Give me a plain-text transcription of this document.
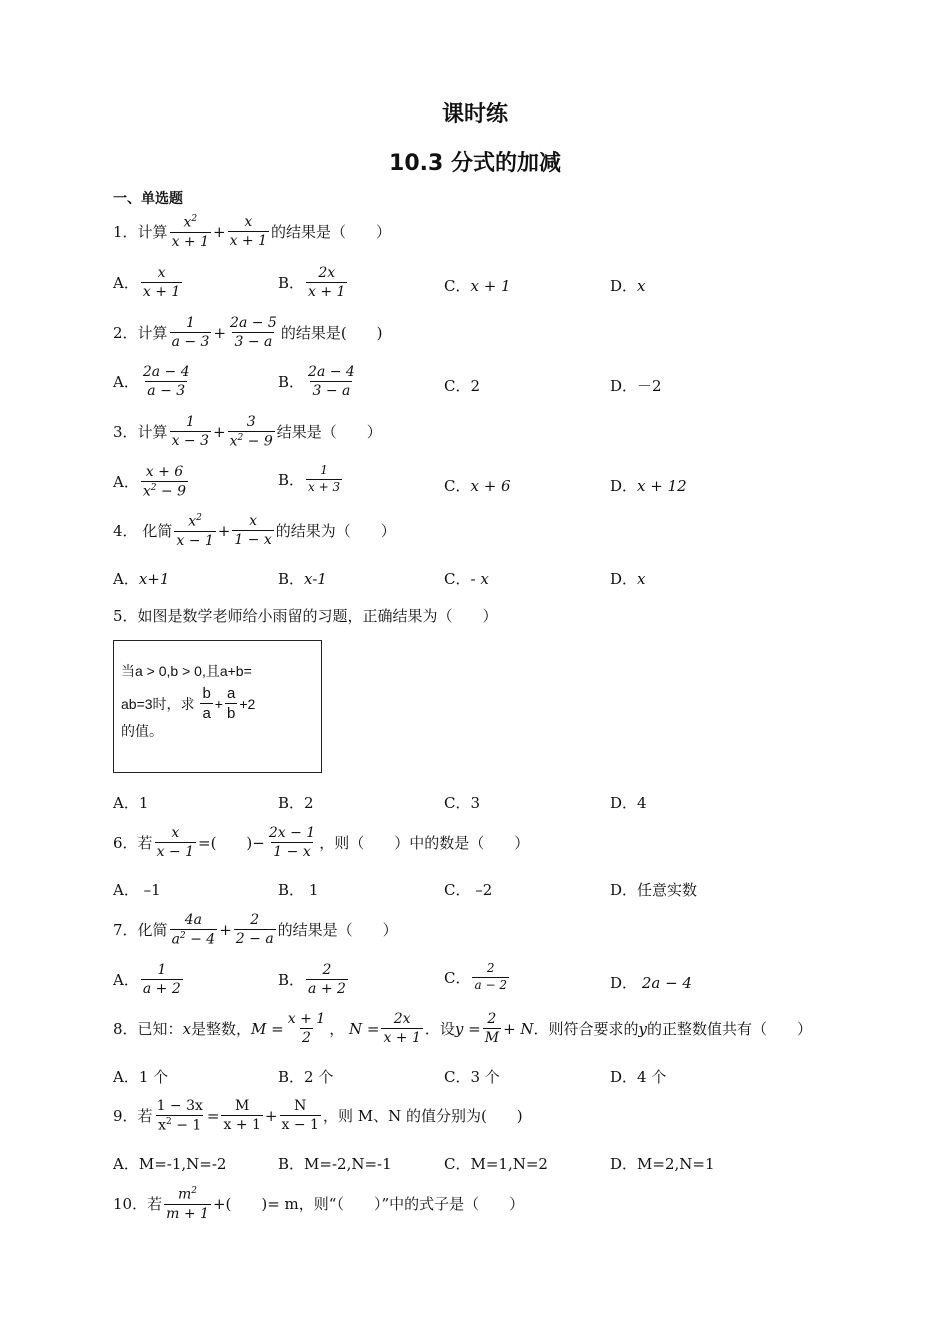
课时练
10.3 分式的加减
一、单选题
1． 计算 $\frac{x^2}{x + 1} + \frac{x}{x + 1}$ 的结果是（　　）
A． $\frac{x}{x + 1}$	B． $\frac{2x}{x + 1}$	C． x + 1	D． x
2． 计算 $\frac{1}{a - 3} + \frac{2a - 5}{3 - a}$ 的结果是(　　)
A． $\frac{2a - 4}{a - 3}$	B． $\frac{2a - 4}{3 - a}$	C． 2	D． －2
3． 计算 $\frac{1}{x - 3} + \frac{3}{x^2 - 9}$ 结果是（　　）
A． $\frac{x + 6}{x^2 - 9}$	B． $\frac{1}{x + 3}$	C． x + 6	D． x + 12
4．
化简 $\frac{x^2}{x - 1} + \frac{x}{1 - x}$ 的结果为（　　）
A． x+1	B． x-1	C． - x	D． x
5． 如图是数学老师给小雨留的习题，正确结果为（　　）
当a > 0,b > 0,且a+b=
ab=3时，求
$\frac{b}{a} + \frac{a}{b} +2$
的值。
A． 1	B． 2	C． 3	D． 4
6． 若 $\frac{x}{x - 1}$ =( 　　)− $\frac{2x - 1}{1 - x}$ ，则（　　）中的数是（　　）
A．
–1	B．
1	C．
–2	D． 任意实数
7． 化简 $\frac{4a}{a^2 - 4} + \frac{2}{2 - a}$ 的结果是（　　）
A． $\frac{1}{a + 2}$	B． $\frac{2}{a + 2}$	C． $\frac{2}{a - 2}$	D．
2a − 4
8． 已知： x 是整数， $M = \frac{x + 1}{2}$ ，
$N = \frac{2x}{x + 1}$ ．设 $y = \frac{2}{M} + N$ ．则符合要求的 y 的正整数值共有（　　）
A． 1 个	B． 2 个	C． 3 个	D． 4 个
9． 若 $\frac{1 - 3x}{x^2 - 1} = \frac{M}{x + 1} + \frac{N}{x - 1}$ ，则 M、N 的值分别为(　　)
A． M=-1,N=-2	B． M=-2,N=-1	C． M=1,N=2	D． M=2,N=1
10． 若 $\frac{m^2}{m + 1}$ +(　　)= m ，则“（　　）”中的式子是（　　）
